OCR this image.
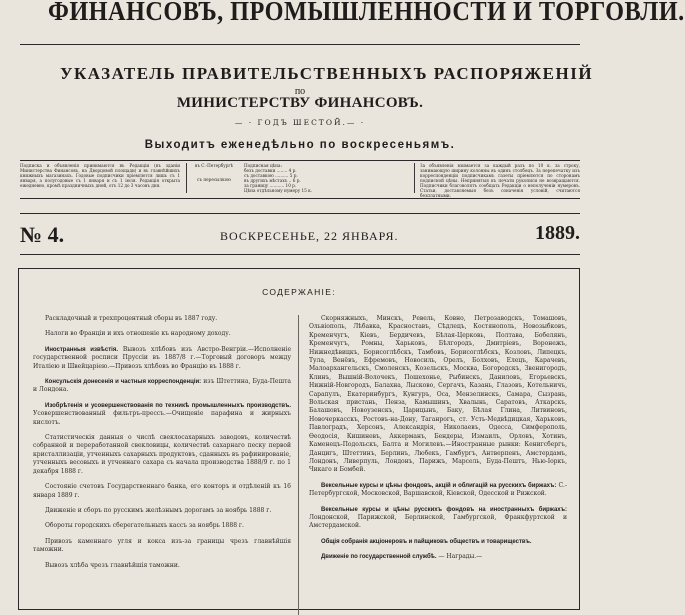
ФИНАНСОВЪ, ПРОМЫШЛЕННОСТИ И ТОРГОВЛИ.
УКАЗАТЕЛЬ ПРАВИТЕЛЬСТВЕННЫХЪ РАСПОРЯЖЕНІЙ
по
МИНИСТЕРСТВУ ФИНАНСОВЪ.
— · ГОДЪ ШЕСТОЙ. — ·
Выходитъ еженедѣльно по воскресеньямъ.
Подписка и объявленія принимаются въ Редакціи (въ зданіи Министерства Финансовъ, на Дворцовой площади) и въ главнѣйшихъ книжныхъ магазинахъ. Годовые подписчики пріемлются лишь съ 1 января, а полугодовые съ 1 января и съ 1 іюля. Редакція открыта ежедневно, кромѣ праздничныхъ дней, отъ 12 до 3 часовъ дня.
въ С.-Петербургѣ
съ пересылкою
Подписная цѣна:
безъ доставки ........ 4 р.
съ доставкою .......... 5 р.
въ другихъ мѣстахъ .. 6 р.
за границу ........... 10 р.
Цѣна отдѣльному нумеру 15 к.
За объявленія взимается за каждый разъ по 10 к. за строку, занимающую ширину колонны въ одинъ столбецъ. За перепечатку изъ корреспонденціи подписчикамъ газеты пріемлются по сторонамъ подписной цѣны. Непринятыя къ печати рукописи не возвращаются. Подписчики благоволятъ сообщать Редакціи о неполученіи нумеровъ. Статьи, доставляемыя безъ означенія условій, считаются безплатными.
№ 4.	ВОСКРЕСЕНЬЕ, 22 ЯНВАРЯ.	1889.
СОДЕРЖАНІЕ:

Раскладочный и трехпроцентный сборы въ 1887 году.

Налоги во Франціи и ихъ отношеніе къ народному доходу.

Иностранныя извѣстія. Вывозъ хлѣбовъ изъ Австро-Венгріи.—Исполненіе государственной росписи Пруссіи въ 1887/8 г.—Торговый договоръ между Италіею и Швейцаріею.—Привозъ хлѣбовъ во Францію въ 1888 г.

Консульскія донесенія и частныя корреспонденціи: изъ Штеттина, Буда-Пешта и Лондона.

Изобрѣтенія и усовершенствованія по техникѣ промышленныхъ производствъ. Усовершенствованный фильтръ-прессъ.—Очищеніе парафина и жирныхъ кислотъ.

Статистическія данныя о числѣ свеклосахарныхъ заводовъ, количествѣ собранной и переработанной свекловицы, количествѣ сахарнаго песку первой кристаллизаціи, утченныхъ сахарныхъ продуктовъ, сданныхъ въ рафинированіе, утченныхъ весовыхъ и утченнаго сахара съ начала производства 1888/9 г. по 1 декабря 1888 г.

Состояніе счетовъ Государственнаго банка, его конторъ и отдѣленій къ 16 января 1889 г.

Движеніе и сборъ по русскимъ желѣзнымъ дорогамъ за ноябрь 1888 г.

Обороты городскихъ сберегательныхъ кассъ за ноябрь 1888 г.

Привозъ каменнаго угля и кокса изъ-за границы чрезъ главнѣйшія таможни.

Вывозъ хлѣба чрезъ главнѣйшія таможни.

Скорняжныхъ, Минскъ, Ревель, Ковно, Петрозаводскъ, Томашовъ, Ольвіополь, Лѣбавка, Красноставъ, Сѣдлецъ, Костянополь, Новозыбковъ, Кременчугъ, Кіевъ, Бердичевъ, Бѣлая-Церковь, Полтава, Бобелянъ, Кременчугъ, Ромны, Харьковъ, Бѣлгородъ, Дмитріевъ, Воронежъ, Нижнедѣвицкъ, Борисоглѣбскъ, Тамбовъ, Борисоглѣбскъ, Козловъ, Липецкъ, Тула, Венёвъ, Ефремовъ, Новосиль, Орелъ, Болховъ, Елецъ, Карачевъ, Малоархангельскъ, Смоленскъ, Козельскъ, Москва, Богородскъ, Звенигородъ, Клинъ, Вышній-Волочекъ, Пошехонье, Рыбинскъ, Даниловъ, Егорьевскъ, Нижній-Новгородъ, Балахна, Лысково, Сергачъ, Казань, Глазовъ, Котельничъ, Сарапулъ, Екатеринбургъ, Кунгуръ, Оса, Мензелинскъ, Самара, Сызрань, Вольская пристань, Пенза, Камышинъ, Хвалынь, Саратовъ, Аткарскъ, Балашовъ, Новоузенскъ, Царицынъ, Баку, Бѣлая Глина, Литвиновъ, Новочеркасскъ, Ростовъ-на-Дону, Таганрогъ, ст. Усть-Медвѣдицкая, Харьковъ, Павлоградъ, Херсонъ, Александрія, Николаевъ, Одесса, Симферополь, Ѳеодосія, Кишиневъ, Аккерманъ, Бендеры, Измаилъ, Орловъ, Хотинъ, Каменецъ-Подольскъ, Балта и Могилевъ.—Иностранные рынки: Кенигсбергъ, Данцигъ, Штеттинъ, Берлинъ, Любекъ, Гамбургъ, Антверпенъ, Амстердамъ, Лондонъ, Ливерпуль, Лондонъ, Парижъ, Марсель, Буда-Пештъ, Нью-Іоркъ, Чикаго и Бомбей.

Вексельные курсы и цѣны фондовъ, акцій и облигацій на русскихъ биржахъ: С.-Петербургской, Московской, Варшавской, Кіевской, Одесской и Рижской.

Вексельные курсы и цѣны русскихъ фондовъ на иностранныхъ биржахъ: Лондонской, Парижской, Берлинской, Гамбургской, Франкфуртской и Амстердамской.

Общія собранія акціонеровъ и пайщиковъ обществъ и товариществъ.

Движеніе по государственной службѣ. — Награды.—
